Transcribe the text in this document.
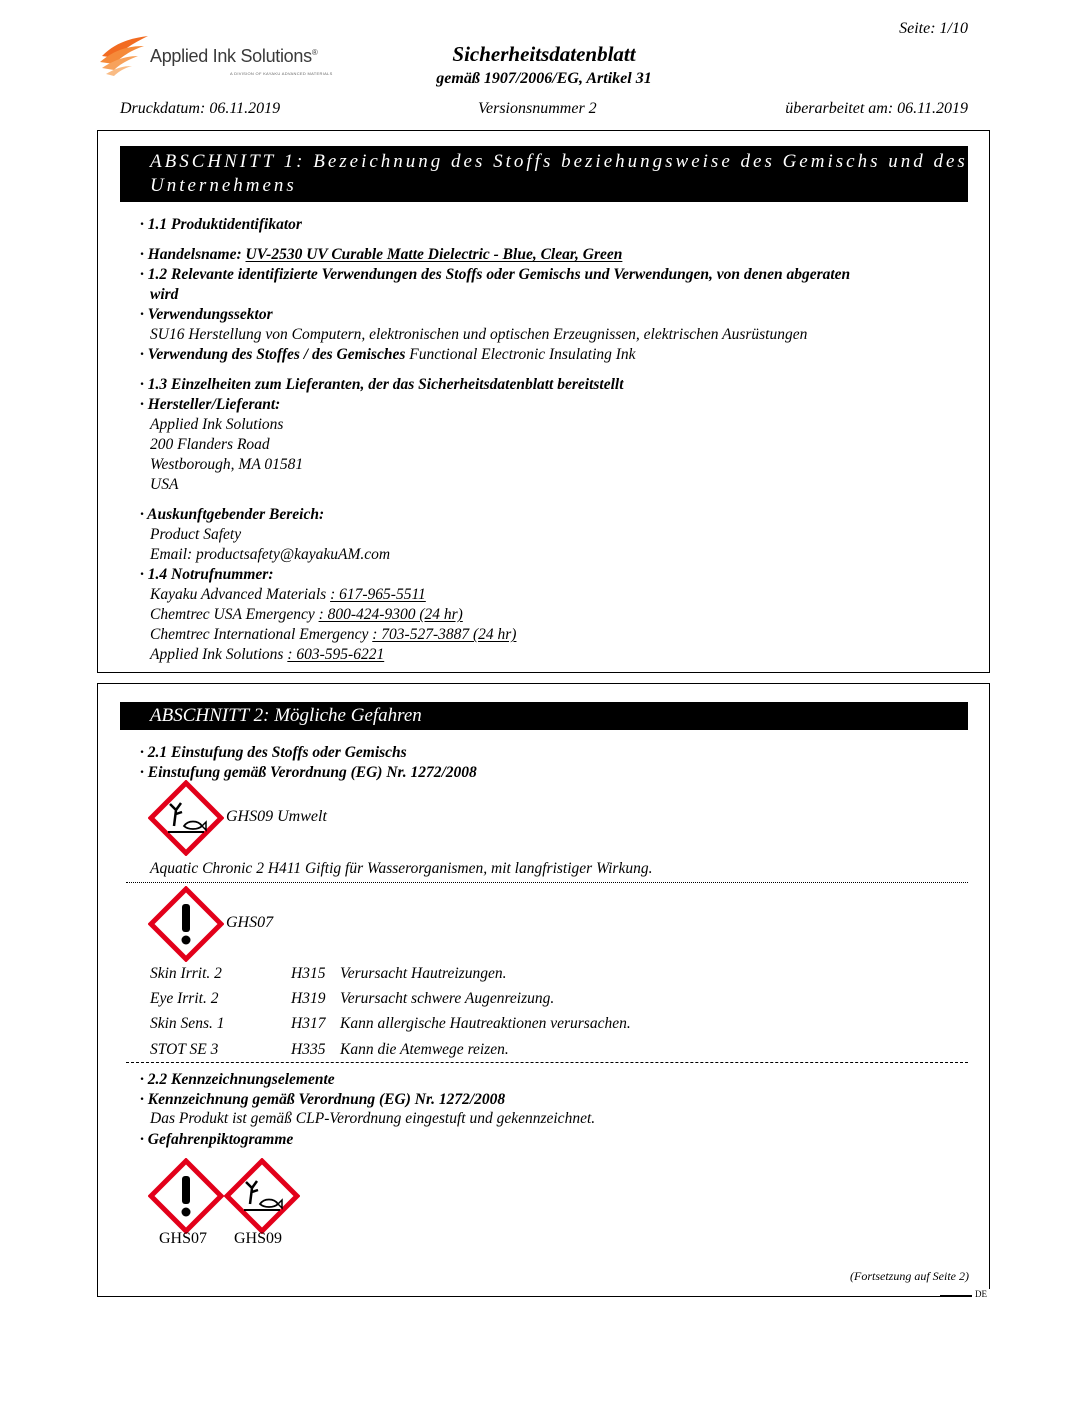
Applied Ink Solutions®
A DIVISION OF KAYAKU ADVANCED MATERIALS
Seite: 1/10
Sicherheitsdatenblatt
gemäß 1907/2006/EG, Artikel 31
Druckdatum: 06.11.2019	Versionsnummer 2	überarbeitet am: 06.11.2019
ABSCHNITT 1: Bezeichnung des Stoffs beziehungsweise des Gemischs und des
Unternehmens
· 1.1 Produktidentifikator
· Handelsname: UV-2530 UV Curable Matte Dielectric - Blue, Clear, Green
· 1.2 Relevante identifizierte Verwendungen des Stoffs oder Gemischs und Verwendungen, von denen abgeraten
wird
· Verwendungssektor
SU16 Herstellung von Computern, elektronischen und optischen Erzeugnissen, elektrischen Ausrüstungen
· Verwendung des Stoffes / des Gemisches Functional Electronic Insulating Ink
· 1.3 Einzelheiten zum Lieferanten, der das Sicherheitsdatenblatt bereitstellt
· Hersteller/Lieferant:
Applied Ink Solutions
200 Flanders Road
Westborough, MA 01581
USA
· Auskunftgebender Bereich:
Product Safety
Email: productsafety@kayakuAM.com
· 1.4 Notrufnummer:
Kayaku Advanced Materials : 617-965-5511
Chemtrec USA Emergency : 800-424-9300 (24 hr)
Chemtrec International Emergency : 703-527-3887 (24 hr)
Applied Ink Solutions : 603-595-6221
ABSCHNITT 2: Mögliche Gefahren
· 2.1 Einstufung des Stoffs oder Gemischs
· Einstufung gemäß Verordnung (EG) Nr. 1272/2008
GHS09 Umwelt
Aquatic Chronic 2 H411 Giftig für Wasserorganismen, mit langfristiger Wirkung.
GHS07
Skin Irrit. 2	H315 Verursacht Hautreizungen.
Eye Irrit. 2	H319 Verursacht schwere Augenreizung.
Skin Sens. 1	H317 Kann allergische Hautreaktionen verursachen.
STOT SE 3	H335 Kann die Atemwege reizen.
· 2.2 Kennzeichnungselemente
· Kennzeichnung gemäß Verordnung (EG) Nr. 1272/2008
Das Produkt ist gemäß CLP-Verordnung eingestuft und gekennzeichnet.
· Gefahrenpiktogramme
GHS07 GHS09
(Fortsetzung auf Seite 2)
DE
